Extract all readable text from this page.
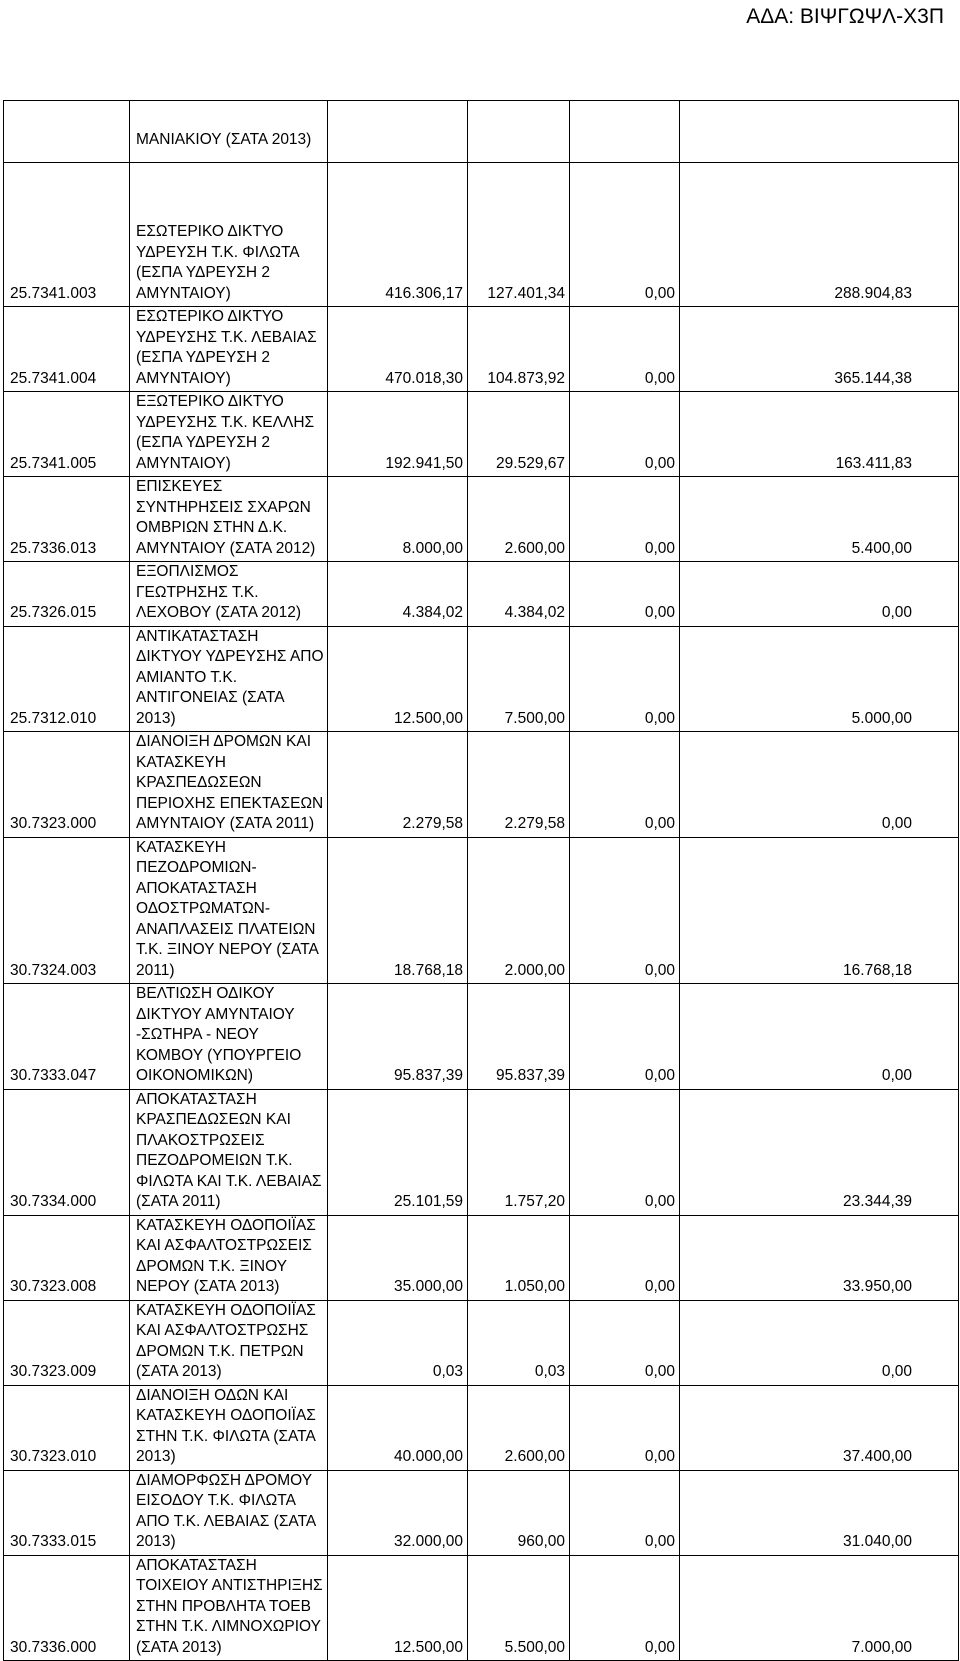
ΑΔΑ: ΒΙΨΓΩΨΛ-Χ3Π
	ΜΑΝΙΑΚΙΟΥ (ΣΑΤΑ 2013)				
25.7341.003	ΕΣΩΤΕΡΙΚΟ ΔΙΚΤΥΟ ΥΔΡΕΥΣΗ Τ.Κ. ΦΙΛΩΤΑ (ΕΣΠΑ ΥΔΡΕΥΣΗ 2 ΑΜΥΝΤΑΙΟΥ)	416.306,17	127.401,34	0,00	288.904,83
25.7341.004	ΕΣΩΤΕΡΙΚΟ ΔΙΚΤΥΟ ΥΔΡΕΥΣΗΣ Τ.Κ. ΛΕΒΑΙΑΣ (ΕΣΠΑ ΥΔΡΕΥΣΗ 2 ΑΜΥΝΤΑΙΟΥ)	470.018,30	104.873,92	0,00	365.144,38
25.7341.005	ΕΞΩΤΕΡΙΚΟ ΔΙΚΤΥΟ ΥΔΡΕΥΣΗΣ Τ.Κ. ΚΕΛΛΗΣ (ΕΣΠΑ ΥΔΡΕΥΣΗ 2 ΑΜΥΝΤΑΙΟΥ)	192.941,50	29.529,67	0,00	163.411,83
25.7336.013	ΕΠΙΣΚΕΥΕΣ ΣΥΝΤΗΡΗΣΕΙΣ ΣΧΑΡΩΝ ΟΜΒΡΙΩΝ ΣΤΗΝ Δ.Κ. ΑΜΥΝΤΑΙΟΥ (ΣΑΤΑ 2012)	8.000,00	2.600,00	0,00	5.400,00
25.7326.015	ΕΞΟΠΛΙΣΜΟΣ ΓΕΩΤΡΗΣΗΣ Τ.Κ. ΛΕΧΟΒΟΥ (ΣΑΤΑ 2012)	4.384,02	4.384,02	0,00	0,00
25.7312.010	ΑΝΤΙΚΑΤΑΣΤΑΣΗ ΔΙΚΤΥΟΥ ΥΔΡΕΥΣΗΣ ΑΠΟ ΑΜΙΑΝΤΟ Τ.Κ. ΑΝΤΙΓΟΝΕΙΑΣ (ΣΑΤΑ 2013)	12.500,00	7.500,00	0,00	5.000,00
30.7323.000	ΔΙΑΝΟΙΞΗ ΔΡΟΜΩΝ ΚΑΙ ΚΑΤΑΣΚΕΥΗ ΚΡΑΣΠΕΔΩΣΕΩΝ ΠΕΡΙΟΧΗΣ ΕΠΕΚΤΑΣΕΩΝ ΑΜΥΝΤΑΙΟΥ (ΣΑΤΑ 2011)	2.279,58	2.279,58	0,00	0,00
30.7324.003	ΚΑΤΑΣΚΕΥΗ ΠΕΖΟΔΡΟΜΙΩΝ- ΑΠΟΚΑΤΑΣΤΑΣΗ ΟΔΟΣΤΡΩΜΑΤΩΝ- ΑΝΑΠΛΑΣΕΙΣ ΠΛΑΤΕΙΩΝ Τ.Κ. ΞΙΝΟΥ ΝΕΡΟΥ (ΣΑΤΑ 2011)	18.768,18	2.000,00	0,00	16.768,18
30.7333.047	ΒΕΛΤΙΩΣΗ ΟΔΙΚΟΥ ΔΙΚΤΥΟΥ ΑΜΥΝΤΑΙΟΥ -ΣΩΤΗΡΑ - ΝΕΟΥ ΚΟΜΒΟΥ (ΥΠΟΥΡΓΕΙΟ ΟΙΚΟΝΟΜΙΚΩΝ)	95.837,39	95.837,39	0,00	0,00
30.7334.000	ΑΠΟΚΑΤΑΣΤΑΣΗ ΚΡΑΣΠΕΔΩΣΕΩΝ ΚΑΙ ΠΛΑΚΟΣΤΡΩΣΕΙΣ ΠΕΖΟΔΡΟΜΕΙΩΝ Τ.Κ. ΦΙΛΩΤΑ ΚΑΙ Τ.Κ. ΛΕΒΑΙΑΣ (ΣΑΤΑ 2011)	25.101,59	1.757,20	0,00	23.344,39
30.7323.008	ΚΑΤΑΣΚΕΥΗ ΟΔΟΠΟΙΪΑΣ ΚΑΙ ΑΣΦΑΛΤΟΣΤΡΩΣΕΙΣ ΔΡΟΜΩΝ Τ.Κ. ΞΙΝΟΥ ΝΕΡΟΥ (ΣΑΤΑ 2013)	35.000,00	1.050,00	0,00	33.950,00
30.7323.009	ΚΑΤΑΣΚΕΥΗ ΟΔΟΠΟΙΪΑΣ ΚΑΙ ΑΣΦΑΛΤΟΣΤΡΩΣΗΣ ΔΡΟΜΩΝ Τ.Κ. ΠΕΤΡΩΝ (ΣΑΤΑ 2013)	0,03	0,03	0,00	0,00
30.7323.010	ΔΙΑΝΟΙΞΗ ΟΔΩΝ ΚΑΙ ΚΑΤΑΣΚΕΥΗ ΟΔΟΠΟΙΪΑΣ ΣΤΗΝ Τ.Κ. ΦΙΛΩΤΑ (ΣΑΤΑ 2013)	40.000,00	2.600,00	0,00	37.400,00
30.7333.015	ΔΙΑΜΟΡΦΩΣΗ ΔΡΟΜΟΥ ΕΙΣΟΔΟΥ Τ.Κ. ΦΙΛΩΤΑ ΑΠΟ Τ.Κ. ΛΕΒΑΙΑΣ (ΣΑΤΑ 2013)	32.000,00	960,00	0,00	31.040,00
30.7336.000	ΑΠΟΚΑΤΑΣΤΑΣΗ ΤΟΙΧΕΙΟΥ ΑΝΤΙΣΤΗΡΙΞΗΣ ΣΤΗΝ ΠΡΟΒΛΗΤΑ ΤΟΕΒ ΣΤΗΝ Τ.Κ. ΛΙΜΝΟΧΩΡΙΟΥ (ΣΑΤΑ 2013)	12.500,00	5.500,00	0,00	7.000,00
